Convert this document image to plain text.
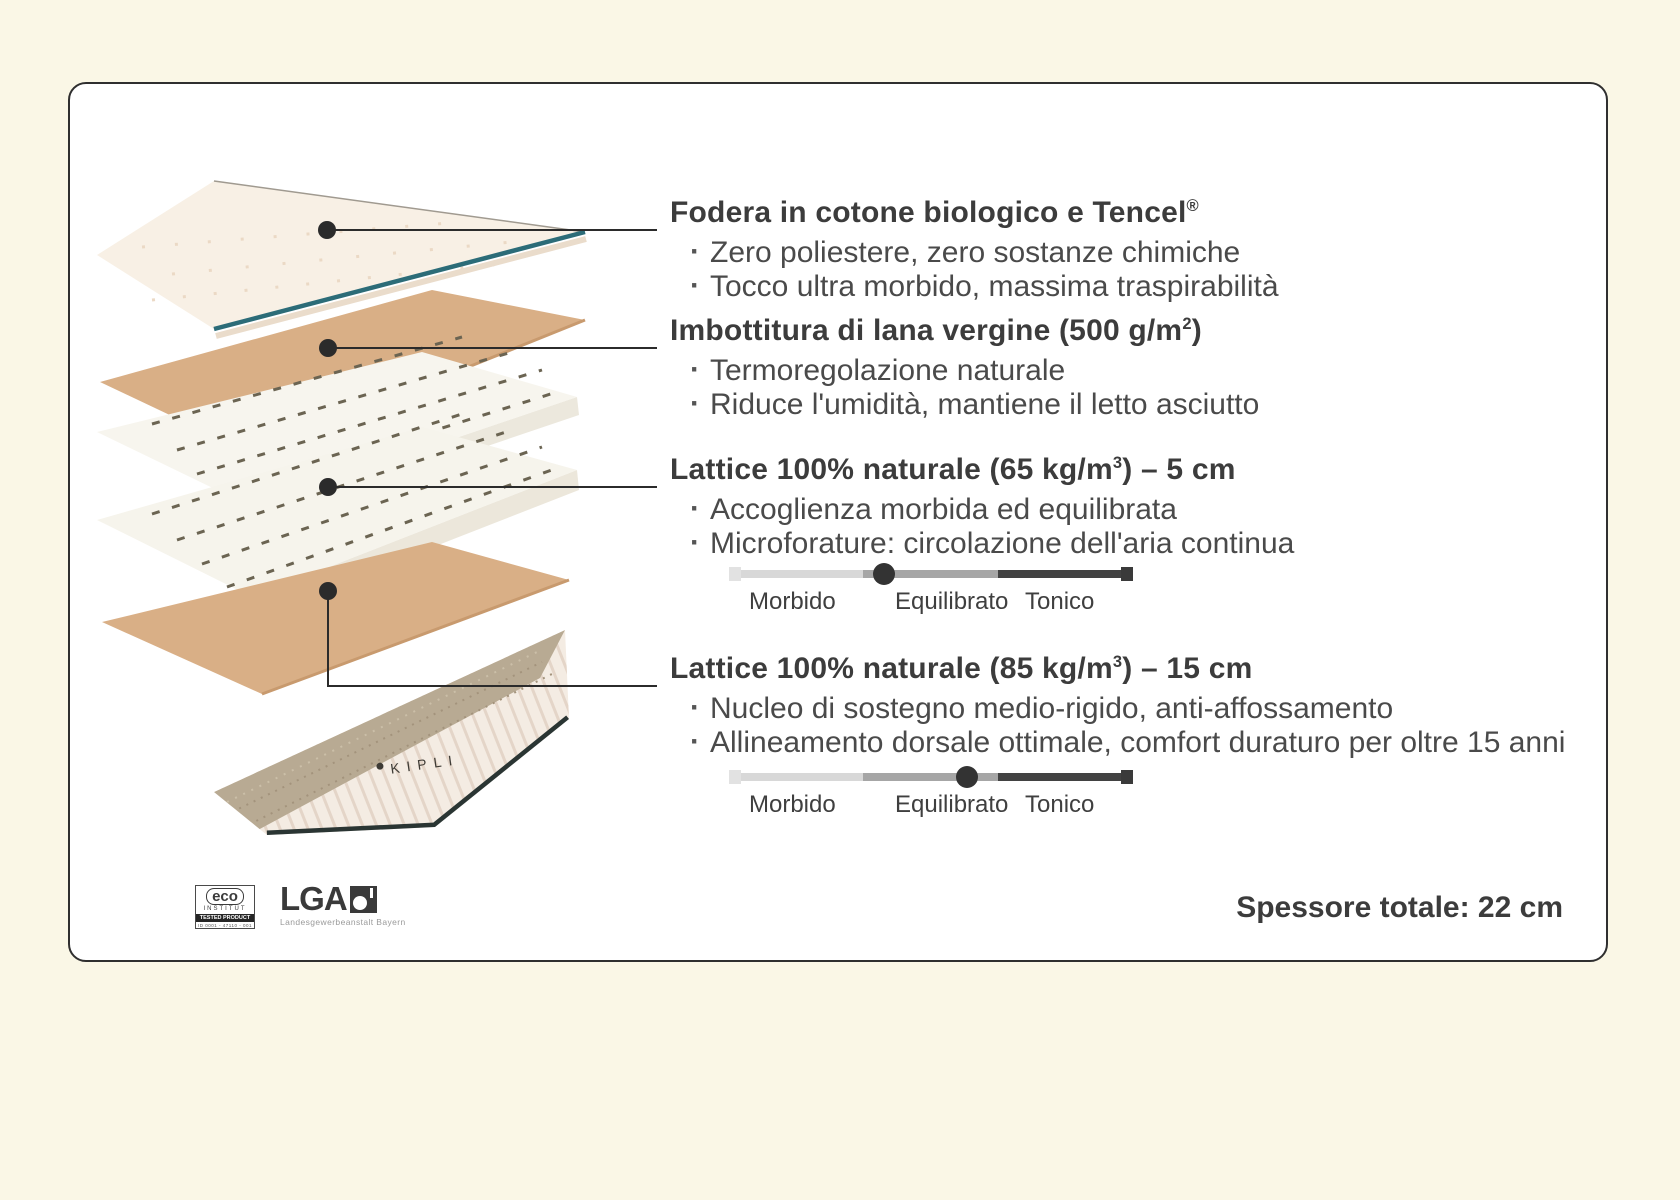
KIPLI
Fodera in cotone biologico e Tencel®
· Zero poliestere, zero sostanze chimiche
· Tocco ultra morbido, massima traspirabilità
Imbottitura di lana vergine (500 $g/m^2$)
· Termoregolazione naturale
· Riduce l'umidità, mantiene il letto asciutto
Lattice 100% naturale (65 $kg/m^3) - 5$ cm
· Accoglienza morbida ed equilibrata
· Microforature: circolazione dell'aria continua
Morbido Equilibrato Tonico
Lattice 100% naturale (85 $kg/m^3) - 15$ cm
· Nucleo di sostegno medio-rigido, anti-affossamento
· Allineamento dorsale ottimale, comfort duraturo per oltre 15 anni
Morbido Equilibrato Tonico
eco
INSTITUT
TESTED PRODUCT
ID 0001 - 47110 - 001
LGA
Landesgewerbeanstalt Bayern	Spessore totale: 22 cm
